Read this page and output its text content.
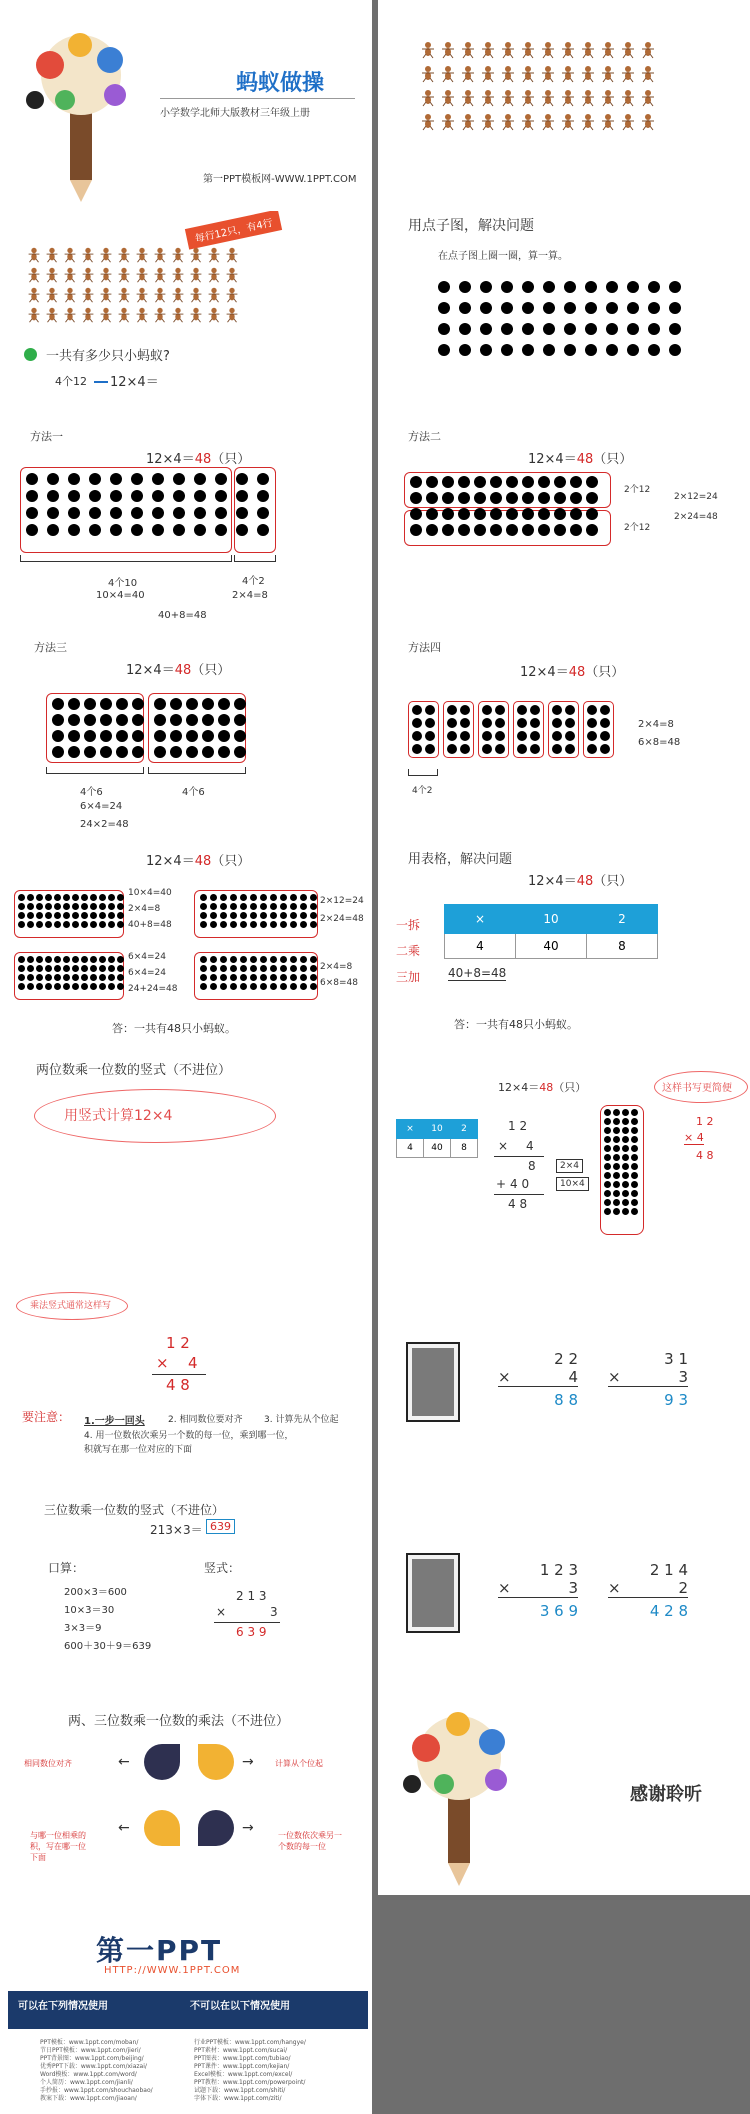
蚂蚁做操
小学数学北师大版教材三年级上册
第一PPT模板网-WWW.1PPT.COM
每行12只，有4行
一共有多少只小蚂蚁?
4个12 12×4＝
用点子图，解决问题
在点子图上圈一圈，算一算。
方法一
12×4＝48（只）
4个10
10×4=40
4个2
2×4=8
40+8=48
方法二
12×4＝48（只）
2个12
2个12
2×12=24
2×24=48
方法三
12×4＝48（只）
4个6	4个6
6×4=24
24×2=48
方法四
12×4＝48（只）
4个2
2×4=8
6×8=48
12×4＝48（只）
10×4=40
2×4=8
40+8=48
2×12=24
2×24=48
6×4=24
6×4=24
24+24=48
2×4=8
6×8=48
答：一共有48只小蚂蚁。
用表格，解决问题
12×4＝48（只）
一拆
二乘
三加
×	10	2
4	40	8
40+8=48
答：一共有48只小蚂蚁。
两位数乘一位数的竖式（不进位）
用竖式计算12×4
12×4＝48（只）
×	10	2
4	40	8
1 2
× 4
8
+ 4 0
4 8
2×4
10×4
这样书写更简便
1 2
× 4
4 8
乘法竖式通常这样写
1 2
× 4
4 8
要注意： 1.一步一回头	2. 相同数位要对齐 3. 计算先从个位起
4. 用一位数依次乘另一个数的每一位，乘到哪一位，
积就写在那一位对应的下面
2 2
×	4
8 8
3 1
×	3
9 3
三位数乘一位数的竖式（不进位）
213×3＝ 639
口算：	竖式：
200×3＝600
10×3＝30
3×3＝9
600＋30＋9＝639
2 1 3
×	3
6 3 9
1 2 3
×	3
3 6 9
2 1 4
×	2
4 2 8
两、三位数乘一位数的乘法（不进位）
相同数位对齐	计算从个位起
与哪一位相乘的积，写在哪一位下面
一位数依次乘另一个数的每一位
←	→
←	→
感谢聆听
第一PPT
HTTP://WWW.1PPT.COM
可以在下列情况使用	不可以在以下情况使用
PPT模板：www.1ppt.com/moban/
节日PPT模板：www.1ppt.com/jieri/
PPT背景图：www.1ppt.com/beijing/
优秀PPT下载：www.1ppt.com/xiazai/
Word模板：www.1ppt.com/word/
个人简历：www.1ppt.com/jianli/
手抄报：www.1ppt.com/shouchaobao/
教案下载：www.1ppt.com/jiaoan/
行业PPT模板：www.1ppt.com/hangye/
PPT素材：www.1ppt.com/sucai/
PPT图表：www.1ppt.com/tubiao/
PPT课件：www.1ppt.com/kejian/
Excel模板：www.1ppt.com/excel/
PPT教程：www.1ppt.com/powerpoint/
试题下载：www.1ppt.com/shiti/
字体下载：www.1ppt.com/ziti/
